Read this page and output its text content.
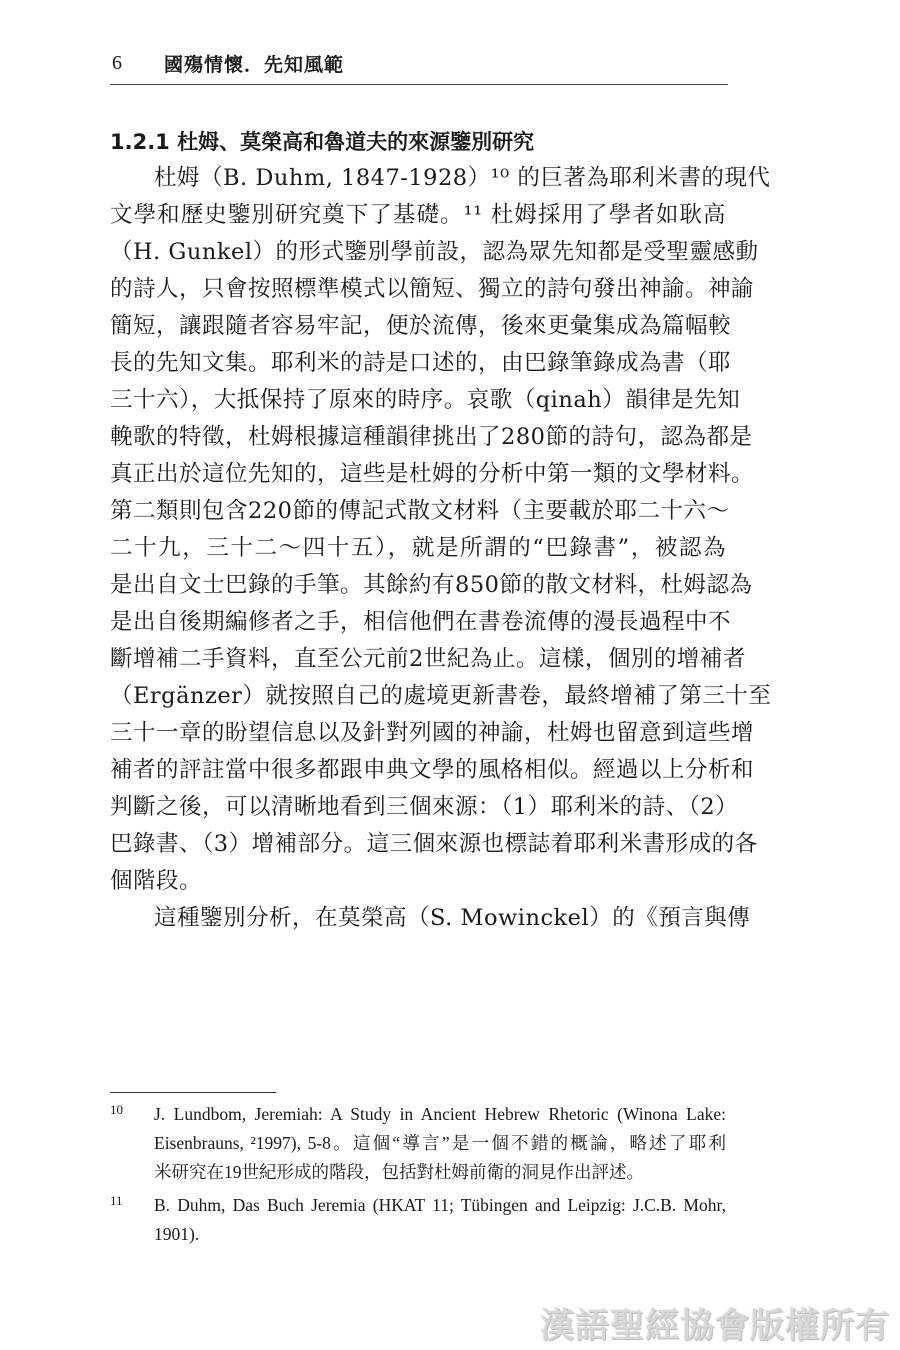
6 國殤情懷．先知風範
1.2.1 杜姆、莫榮高和魯道夫的來源鑒別研究
杜姆（B. Duhm, 1847-1928）¹⁰ 的巨著為耶利米書的現代
文學和歷史鑒別研究奠下了基礎。¹¹ 杜姆採用了學者如耿高
（H. Gunkel）的形式鑒別學前設，認為眾先知都是受聖靈感動
的詩人，只會按照標準模式以簡短、獨立的詩句發出神諭。神諭
簡短，讓跟隨者容易牢記，便於流傳，後來更彙集成為篇幅較
長的先知文集。耶利米的詩是口述的，由巴錄筆錄成為書（耶
三十六），大抵保持了原來的時序。哀歌（qinah）韻律是先知
輓歌的特徵，杜姆根據這種韻律挑出了280節的詩句，認為都是
真正出於這位先知的，這些是杜姆的分析中第一類的文學材料。
第二類則包含220節的傳記式散文材料（主要載於耶二十六～
二十九，三十二～四十五），就是所謂的“巴錄書”，被認為
是出自文士巴錄的手筆。其餘約有850節的散文材料，杜姆認為
是出自後期編修者之手，相信他們在書卷流傳的漫長過程中不
斷增補二手資料，直至公元前2世紀為止。這樣，個別的增補者
（Ergänzer）就按照自己的處境更新書卷，最終增補了第三十至
三十一章的盼望信息以及針對列國的神諭，杜姆也留意到這些增
補者的評註當中很多都跟申典文學的風格相似。經過以上分析和
判斷之後，可以清晰地看到三個來源：（1）耶利米的詩、（2）
巴錄書、（3）增補部分。這三個來源也標誌着耶利米書形成的各
個階段。
這種鑒別分析，在莫榮高（S. Mowinckel）的《預言與傳
10 J. Lundbom, Jeremiah: A Study in Ancient Hebrew Rhetoric (Winona Lake:
Eisenbrauns, ²1997), 5-8。這個“導言”是一個不錯的概論，略述了耶利
米研究在19世紀形成的階段，包括對杜姆前衛的洞見作出評述。
11 B. Duhm, Das Buch Jeremia (HKAT 11; Tübingen and Leipzig: J.C.B. Mohr,
1901).
漢語聖經協會版權所有
